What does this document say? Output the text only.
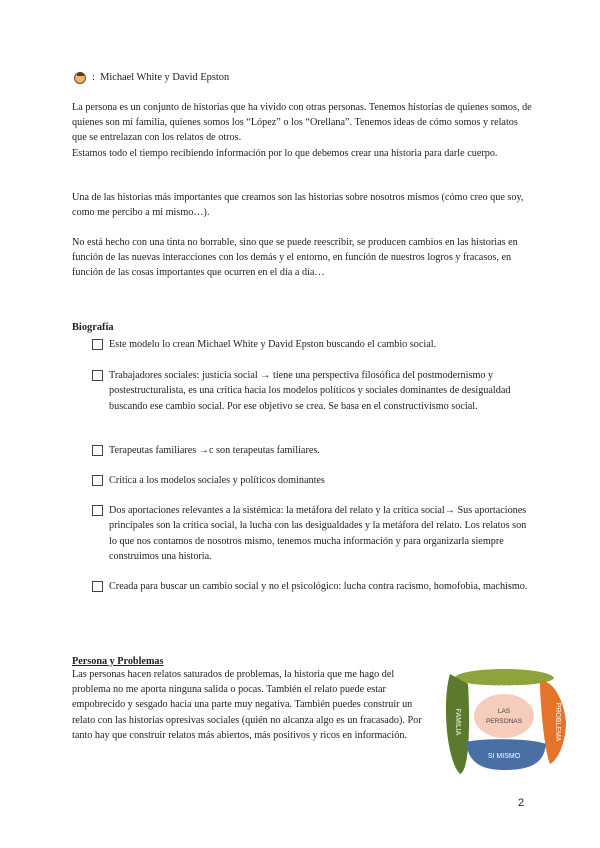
: Michael White y David Epston

La persona es un conjunto de historias que ha vivido con otras personas. Tenemos historias de quienes somos, de quienes son mi familia, quienes somos los “López” o los “Orellana”. Tenemos ideas de cómo somos y relatos que se entrelazan con los relatos de otros.

Estamos todo el tiempo recibiendo información por lo que debemos crear una historia para darle cuerpo.

Una de las historias más importantes que creamos son las historias sobre nosotros mismos (cómo creo que soy, como me percibo a mi mismo…).

No está hecho con una tinta no borrable, sino que se puede reescribir, se producen cambios en las historias en función de las nuevas interacciones con los demás y el entorno, en función de nuestros logros y fracasos, en función de las cosas importantes que ocurren en el día a día…

Biografía
Este modelo lo crean Michael White y David Epston buscando el cambio social.
Trabajadores sociales: justicia social → tiene una perspectiva filosófica del postmodernismo y postestructuralista, es una crítica hacia los modelos políticos y sociales dominantes de desigualdad buscando ese cambio social. Por ese objetivo se crea. Se basa en el constructivismo social.
Terapeutas familiares →c son terapeutas familiares.
Crítica a los modelos sociales y políticos dominantes
Dos aportaciones relevantes a la sistémica: la metáfora del relato y la crítica social→ Sus aportaciones principales son la crítica social, la lucha con las desigualdades y la metáfora del relato. Los relatos son lo que nos contamos de nosotros mismo, tenemos mucha información y para organizarla siempre construimos una historia.
Creada para buscar un cambio social y no el psicológico: lucha contra racismo, homofobia, machismo.
Persona y Problemas

Las personas hacen relatos saturados de problemas, la historia que me hago del problema no me aporta ninguna salida o pocas. También el relato puede estar empobrecido y sesgado hacia una parte muy negativa. También puedes construir un relato con las historias opresivas sociales (quién no alcanza algo es un fracasado). Por tanto hay que construir relatos más abiertos, más positivos y ricos en información.

EL MUNDO
FAMILIA	PROBLEMA
SI MISMO
LAS
PERSONAS
2
